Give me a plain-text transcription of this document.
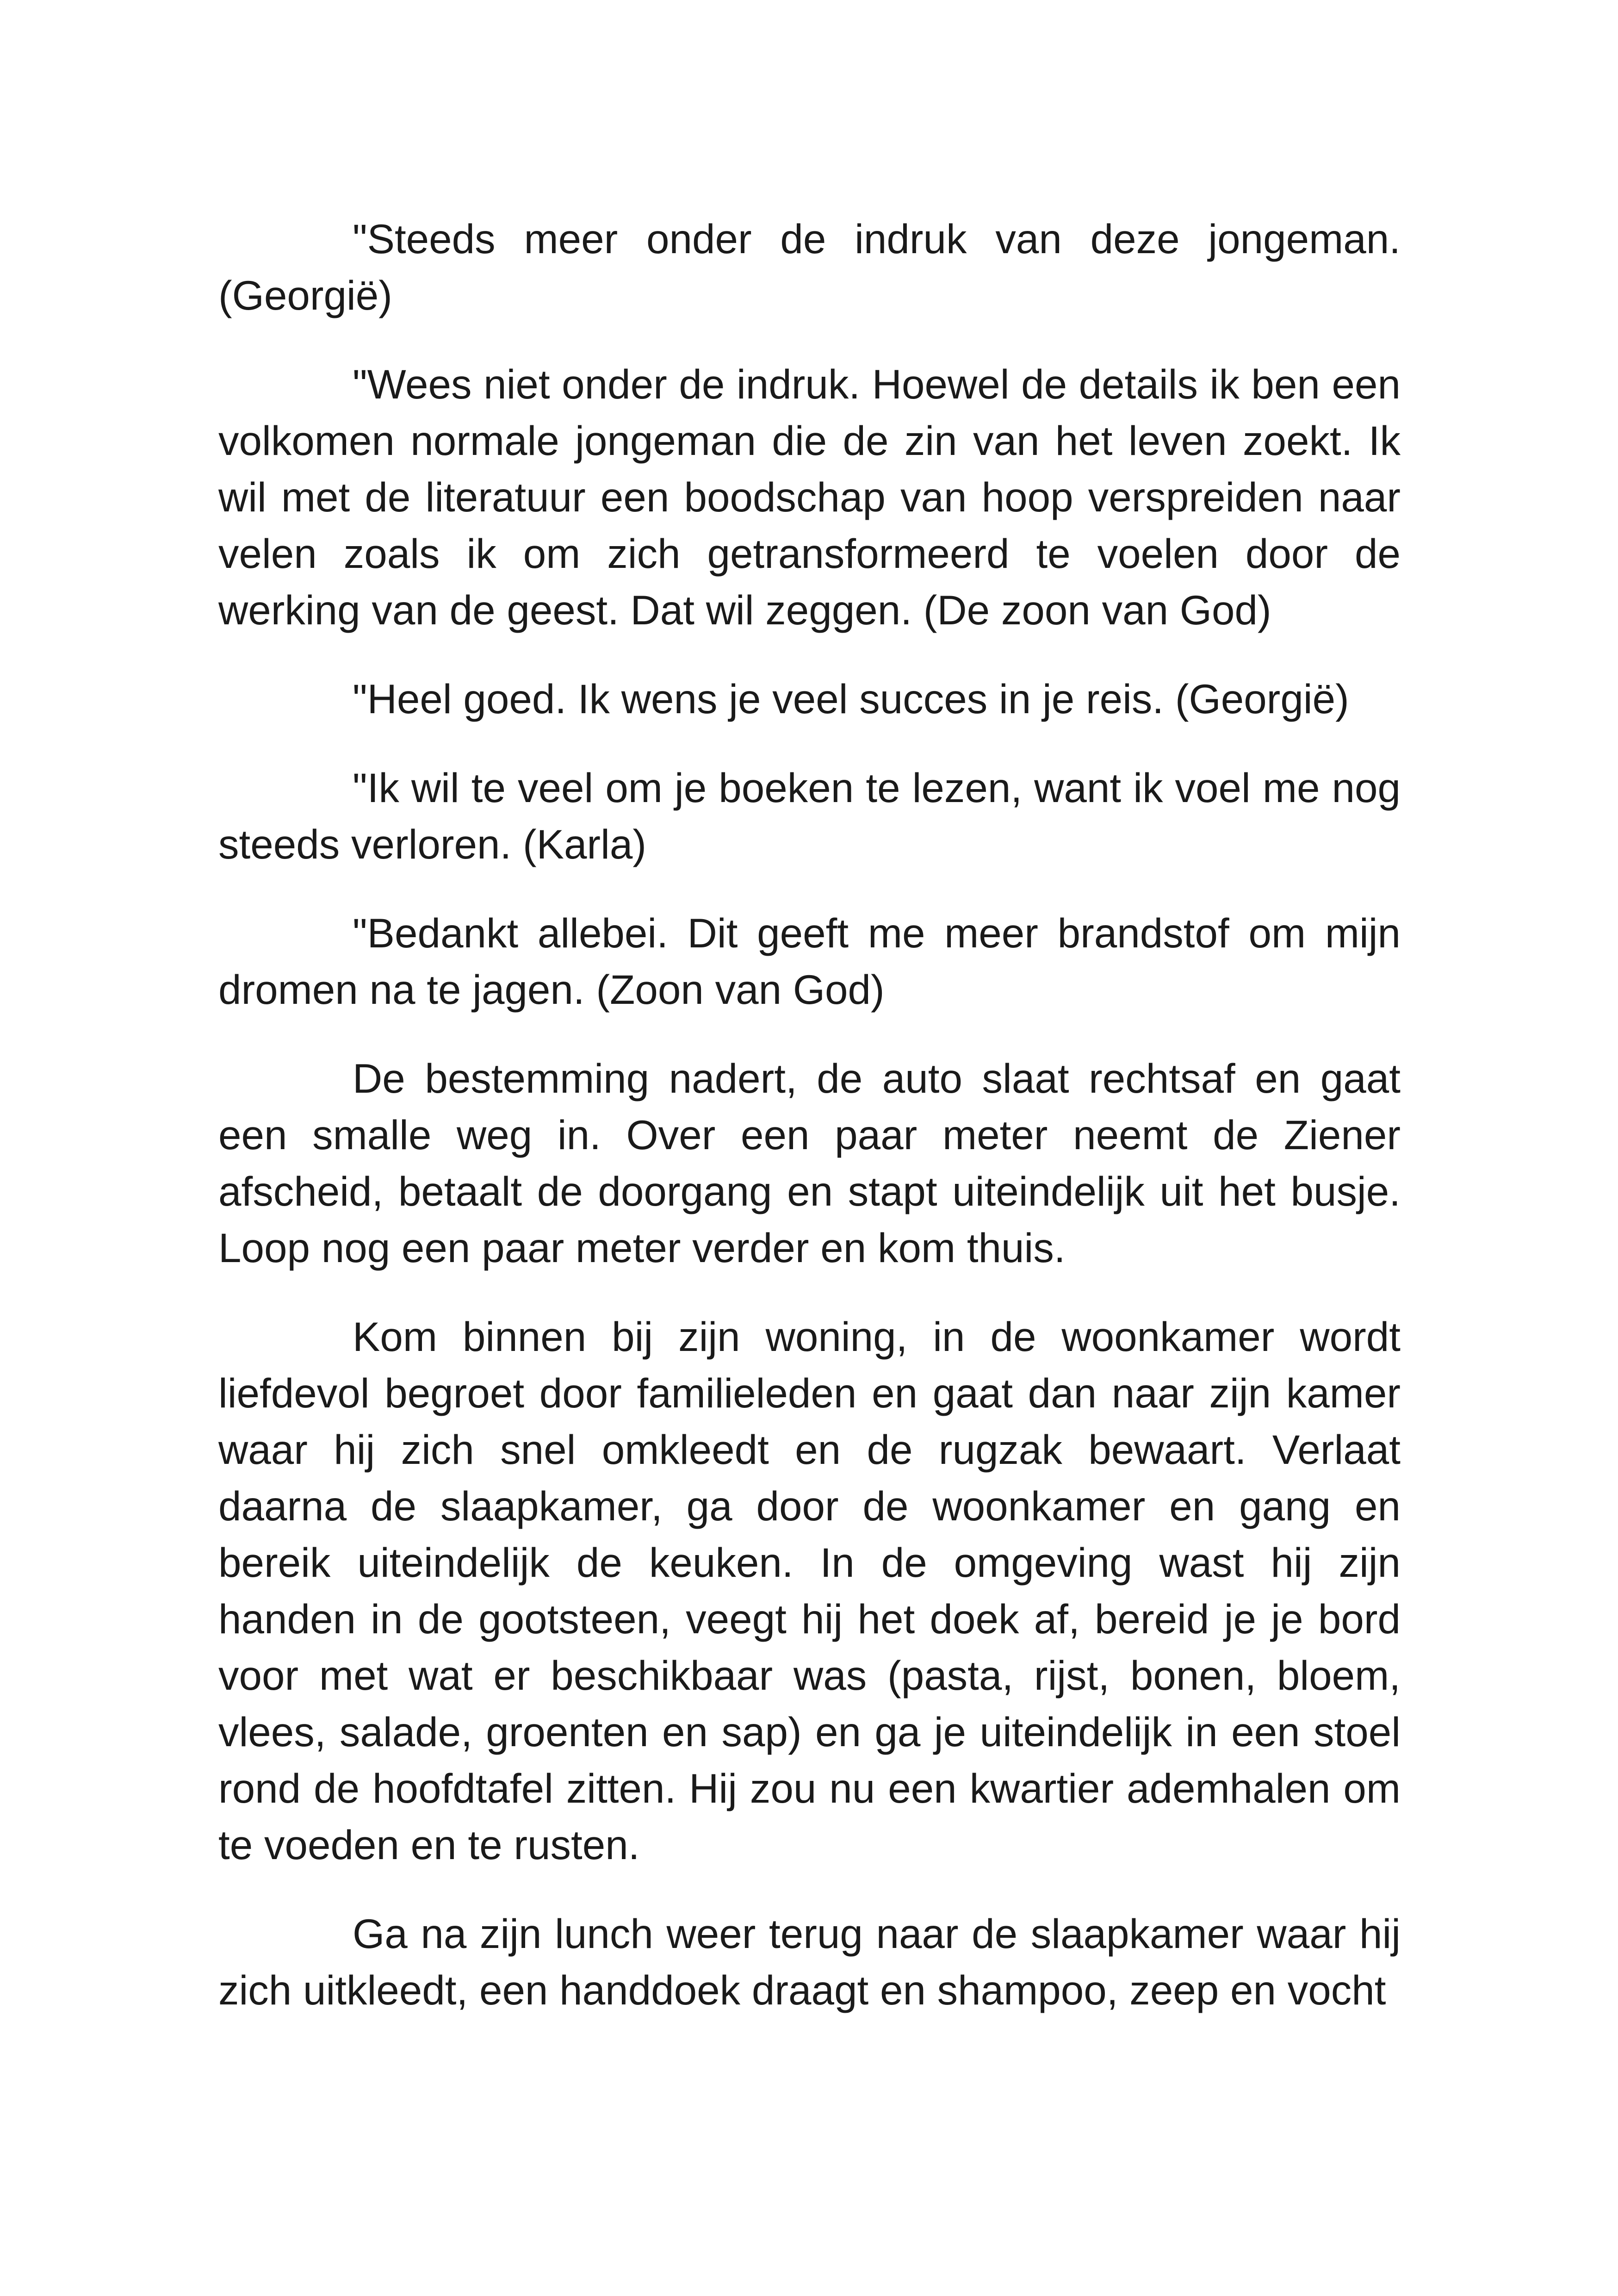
"Steeds meer onder de indruk van deze jongeman. (Georgië)

"Wees niet onder de indruk. Hoewel de details ik ben een volkomen normale jongeman die de zin van het leven zoekt. Ik wil met de literatuur een boodschap van hoop verspreiden naar velen zoals ik om zich getransformeerd te voelen door de werking van de geest. Dat wil zeggen. (De zoon van God)

"Heel goed. Ik wens je veel succes in je reis. (Georgië)

"Ik wil te veel om je boeken te lezen, want ik voel me nog steeds verloren. (Karla)

"Bedankt allebei. Dit geeft me meer brandstof om mijn dromen na te jagen. (Zoon van God)

De bestemming nadert, de auto slaat rechtsaf en gaat een smalle weg in. Over een paar meter neemt de Ziener afscheid, betaalt de doorgang en stapt uiteindelijk uit het busje. Loop nog een paar meter verder en kom thuis.

Kom binnen bij zijn woning, in de woonkamer wordt liefdevol begroet door familieleden en gaat dan naar zijn kamer waar hij zich snel omkleedt en de rugzak bewaart. Verlaat daarna de slaapkamer, ga door de woonkamer en gang en bereik uiteindelijk de keuken. In de omgeving wast hij zijn handen in de gootsteen, veegt hij het doek af, bereid je je bord voor met wat er beschikbaar was (pasta, rijst, bonen, bloem, vlees, salade, groenten en sap) en ga je uiteindelijk in een stoel rond de hoofdtafel zitten. Hij zou nu een kwartier ademhalen om te voeden en te rusten.

Ga na zijn lunch weer terug naar de slaapkamer waar hij zich uitkleedt, een handdoek draagt en shampoo, zeep en vocht
